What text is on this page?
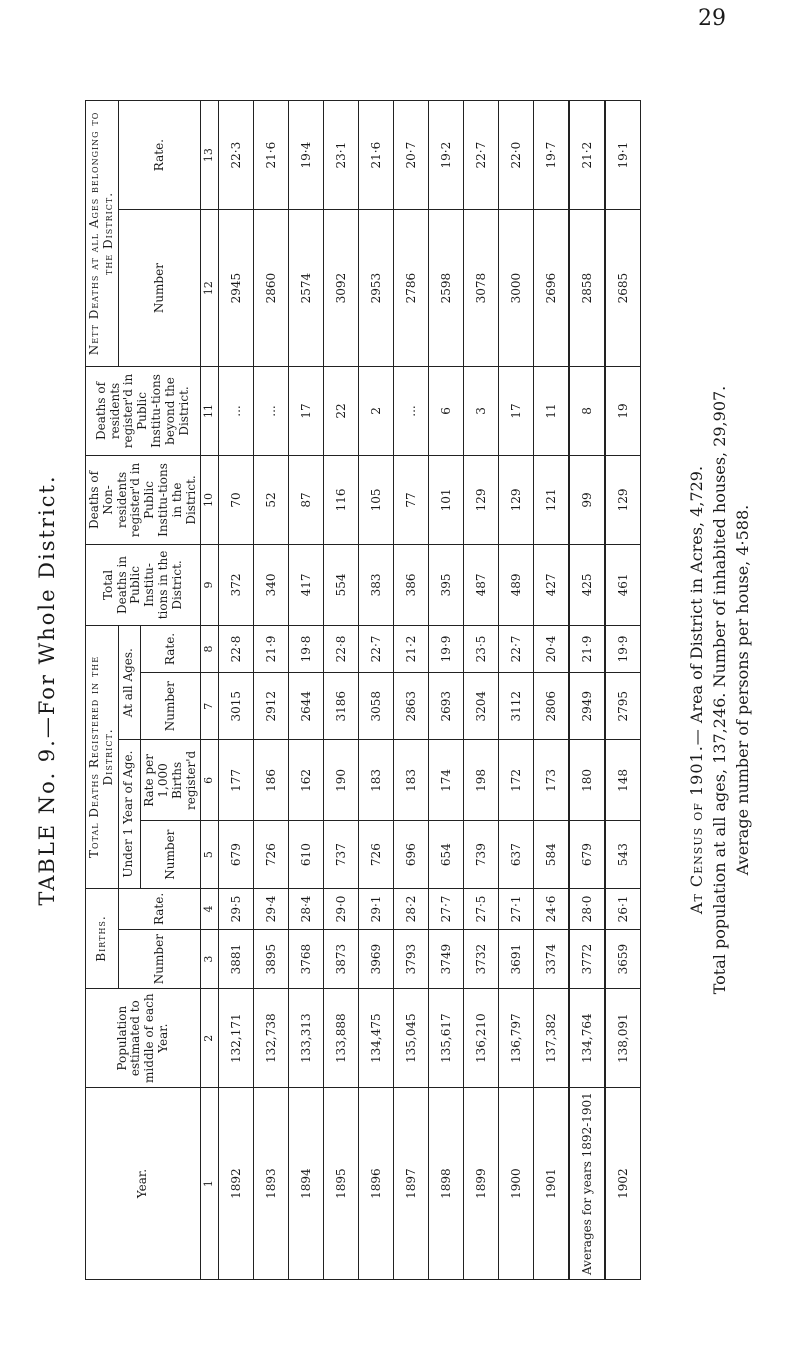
29
TABLE No. 9.—For Whole District.
Year.	Population estimated to middle of each Year.	Births.		Total Deaths Registered in the District.				Total Deaths in Public Institu-tions in the District.	Deaths of Non-residents register'd in Public Institu-tions in the District.	Deaths of residents register'd in Public Institu-tions beyond the District.	Nett Deaths at all Ages belonging to the District.	
		Number	Rate.	Under 1 Year of Age.		At all Ages.					Number	Rate.
				Number	Rate per 1,000 Births register'd	Number	Rate.					
1	2	3	4	5	6	7	8	9	10	11	12	13
1892	132,171	3881	29·5	679	177	3015	22·8	372	70	...	2945	22·3
1893	132,738	3895	29·4	726	186	2912	21·9	340	52	...	2860	21·6
1894	133,313	3768	28·4	610	162	2644	19·8	417	87	17	2574	19·4
1895	133,888	3873	29·0	737	190	3186	22·8	554	116	22	3092	23·1
1896	134,475	3969	29·1	726	183	3058	22·7	383	105	2	2953	21·6
1897	135,045	3793	28·2	696	183	2863	21·2	386	77	...	2786	20·7
1898	135,617	3749	27·7	654	174	2693	19·9	395	101	6	2598	19·2
1899	136,210	3732	27·5	739	198	3204	23·5	487	129	3	3078	22·7
1900	136,797	3691	27·1	637	172	3112	22·7	489	129	17	3000	22·0
1901	137,382	3374	24·6	584	173	2806	20·4	427	121	11	2696	19·7
Averages for years 1892-1901	134,764	3772	28·0	679	180	2949	21·9	425	99	8	2858	21·2
1902	138,091	3659	26·1	543	148	2795	19·9	461	129	19	2685	19·1
At Census of 1901.— Area of District in Acres, 4,729. Total population at all ages, 137,246. Number of inhabited houses, 29,907. Average number of persons per house, 4·588.
